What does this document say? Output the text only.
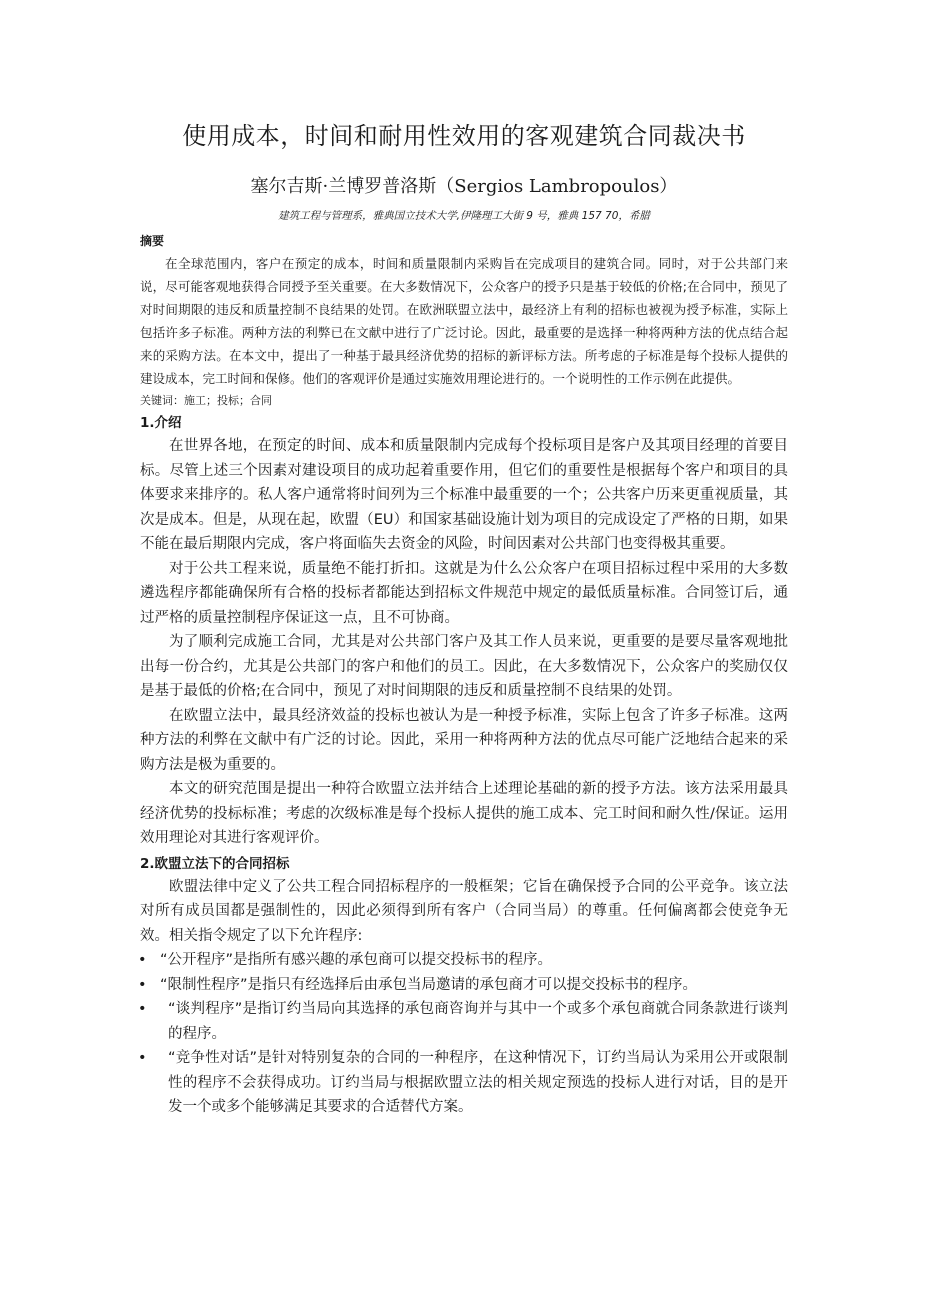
使用成本，时间和耐用性效用的客观建筑合同裁决书
塞尔吉斯·兰博罗普洛斯（Sergios Lambropoulos）
建筑工程与管理系，雅典国立技术大学,伊隆理工大街 9 号，雅典 157 70，希腊
摘要

在全球范围内，客户在预定的成本，时间和质量限制内采购旨在完成项目的建筑合同。同时，对于公共部门来说，尽可能客观地获得合同授予至关重要。在大多数情况下，公众客户的授予只是基于较低的价格;在合同中，预见了对时间期限的违反和质量控制不良结果的处罚。在欧洲联盟立法中，最经济上有利的招标也被视为授予标准，实际上包括许多子标准。两种方法的利弊已在文献中进行了广泛讨论。因此，最重要的是选择一种将两种方法的优点结合起来的采购方法。在本文中，提出了一种基于最具经济优势的招标的新评标方法。所考虑的子标准是每个投标人提供的建设成本，完工时间和保修。他们的客观评价是通过实施效用理论进行的。一个说明性的工作示例在此提供。

关键词：施工；投标；合同
1.介绍

在世界各地，在预定的时间、成本和质量限制内完成每个投标项目是客户及其项目经理的首要目标。尽管上述三个因素对建设项目的成功起着重要作用，但它们的重要性是根据每个客户和项目的具体要求来排序的。私人客户通常将时间列为三个标准中最重要的一个；公共客户历来更重视质量，其次是成本。但是，从现在起，欧盟（EU）和国家基础设施计划为项目的完成设定了严格的日期，如果不能在最后期限内完成，客户将面临失去资金的风险，时间因素对公共部门也变得极其重要。

对于公共工程来说，质量绝不能打折扣。这就是为什么公众客户在项目招标过程中采用的大多数遴选程序都能确保所有合格的投标者都能达到招标文件规范中规定的最低质量标准。合同签订后，通过严格的质量控制程序保证这一点，且不可协商。

为了顺利完成施工合同，尤其是对公共部门客户及其工作人员来说，更重要的是要尽量客观地批出每一份合约，尤其是公共部门的客户和他们的员工。因此，在大多数情况下，公众客户的奖励仅仅是基于最低的价格;在合同中，预见了对时间期限的违反和质量控制不良结果的处罚。

在欧盟立法中，最具经济效益的投标也被认为是一种授予标准，实际上包含了许多子标准。这两种方法的利弊在文献中有广泛的讨论。因此，采用一种将两种方法的优点尽可能广泛地结合起来的采购方法是极为重要的。

本文的研究范围是提出一种符合欧盟立法并结合上述理论基础的新的授予方法。该方法采用最具经济优势的投标标准；考虑的次级标准是每个投标人提供的施工成本、完工时间和耐久性/保证。运用效用理论对其进行客观评价。

2.欧盟立法下的合同招标

欧盟法律中定义了公共工程合同招标程序的一般框架；它旨在确保授予合同的公平竞争。该立法对所有成员国都是强制性的，因此必须得到所有客户（合同当局）的尊重。任何偏离都会使竞争无效。相关指令规定了以下允许程序:

• “公开程序”是指所有感兴趣的承包商可以提交投标书的程序。
• “限制性程序”是指只有经选择后由承包当局邀请的承包商才可以提交投标书的程序。
• “谈判程序”是指订约当局向其选择的承包商咨询并与其中一个或多个承包商就合同条款进行谈判的程序。
• “竞争性对话”是针对特别复杂的合同的一种程序，在这种情况下，订约当局认为采用公开或限制性的程序不会获得成功。订约当局与根据欧盟立法的相关规定预选的投标人进行对话，目的是开发一个或多个能够满足其要求的合适替代方案。
